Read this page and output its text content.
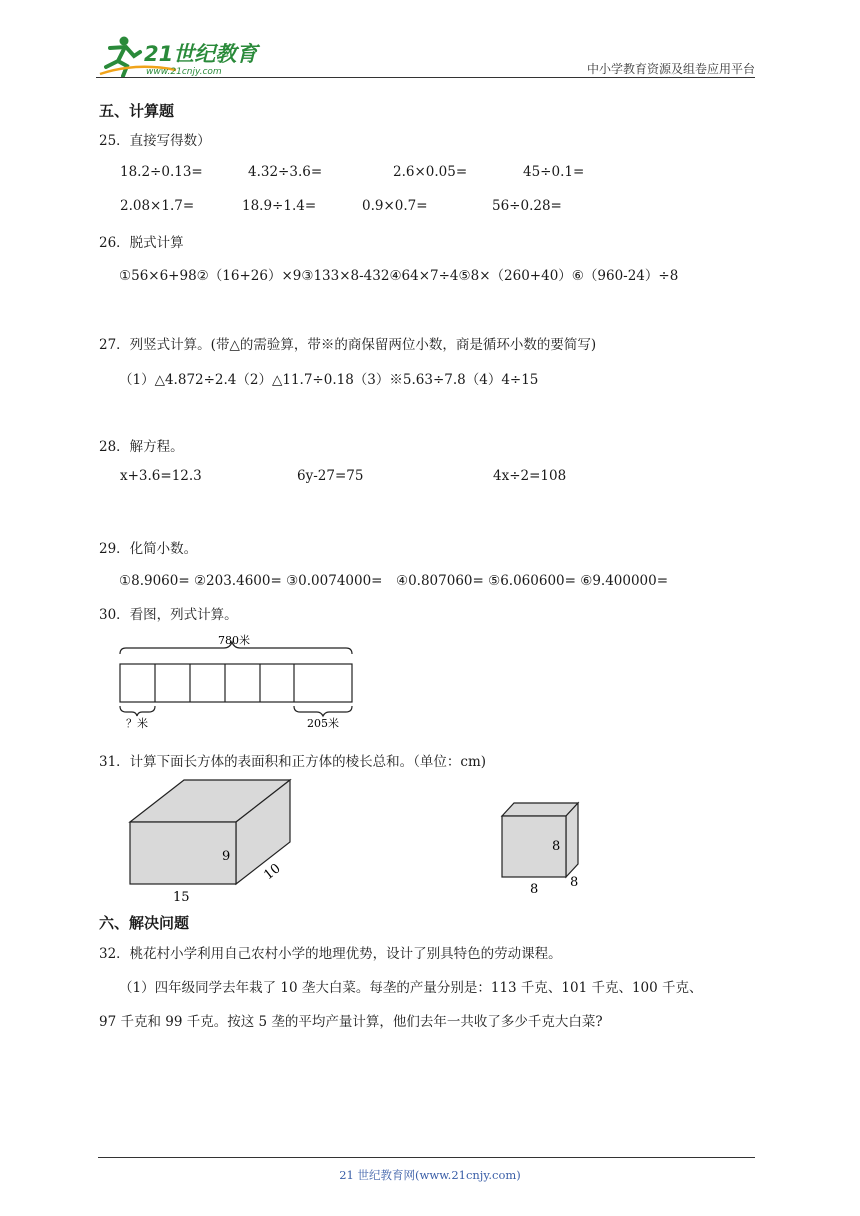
21世纪教育
www.21cnjy.com	中小学教育资源及组卷应用平台
五、计算题
25．直接写得数）
18.2÷0.13=	4.32÷3.6=	2.6×0.05=	45÷0.1=
2.08×1.7=	18.9÷1.4=	0.9×0.7=	56÷0.28=
26．脱式计算
①56×6+98②（16+26）×9③133×8-432④64×7÷4⑤8×（260+40）⑥（960-24）÷8
27．列竖式计算。(带△的需验算，带※的商保留两位小数，商是循环小数的要简写)
（1）△4.872÷2.4（2）△11.7÷0.18（3）※5.63÷7.8（4）4÷15
28．解方程。
x+3.6=12.3	6y-27=75	4x÷2=108
29．化简小数。
①8.9060= ②203.4600= ③0.0074000=　④0.807060= ⑤6.060600= ⑥9.400000=
30．看图，列式计算。
780米
？米	205米
31．计算下面长方体的表面积和正方体的棱长总和。（单位：cm)
9
10
15
8
8
8
六、解决问题
32．桃花村小学利用自己农村小学的地理优势，设计了别具特色的劳动课程。
（1）四年级同学去年栽了 10 垄大白菜。每垄的产量分别是：113 千克、101 千克、100 千克、
97 千克和 99 千克。按这 5 垄的平均产量计算，他们去年一共收了多少千克大白菜?
21 世纪教育网(www.21cnjy.com)
